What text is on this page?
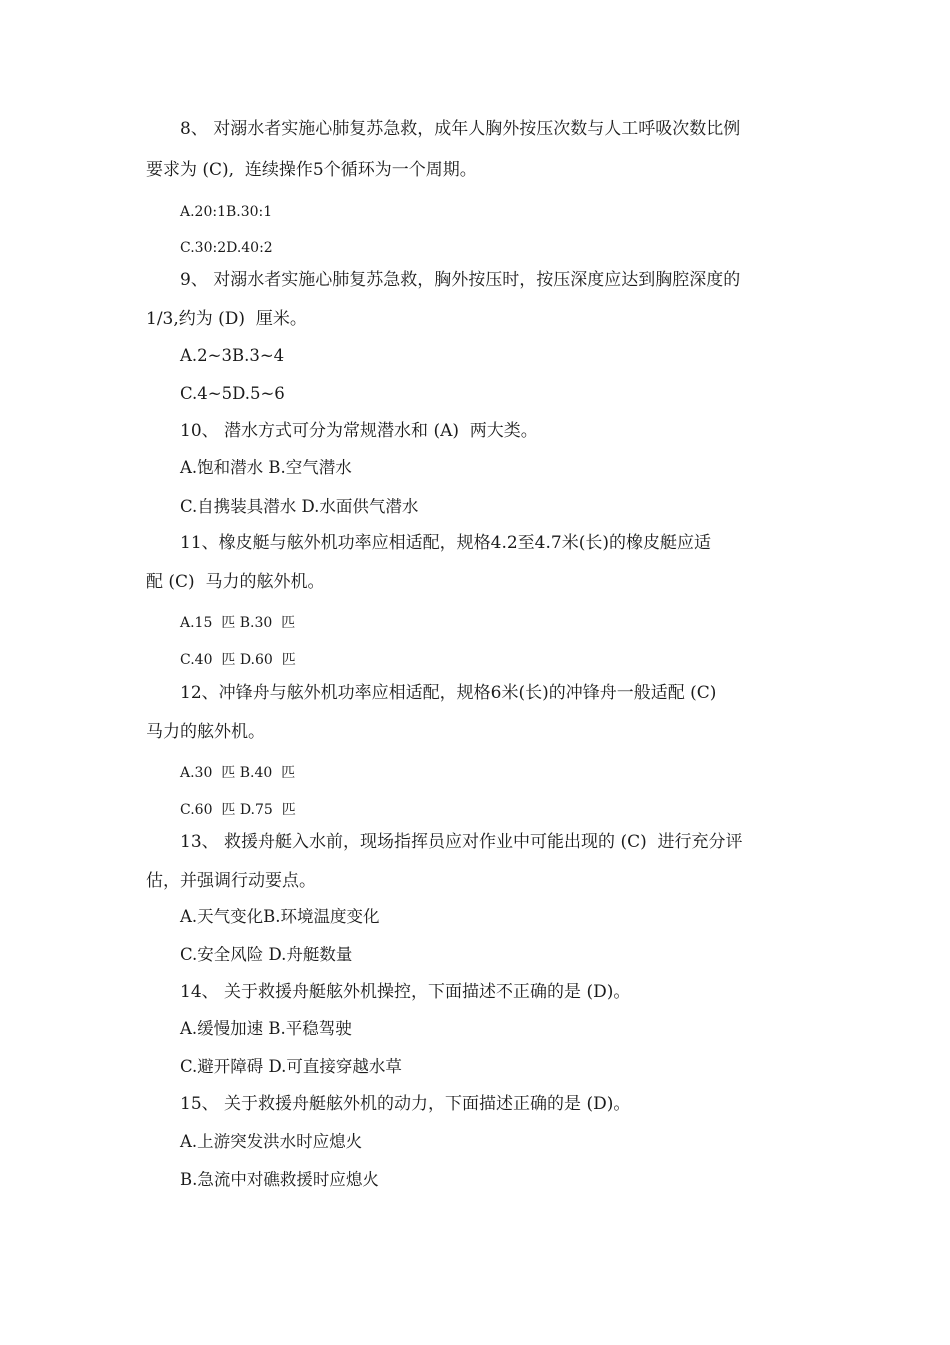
8、 对溺水者实施心肺复苏急救，成年人胸外按压次数与人工呼吸次数比例
要求为 (C),  连续操作5个循环为一个周期。
A.20:1B.30:1
C.30:2D.40:2
9、 对溺水者实施心肺复苏急救，胸外按压时，按压深度应达到胸腔深度的
1/3,约为 (D)  厘米。
A.2~3B.3~4
C.4~5D.5~6
10、 潜水方式可分为常规潜水和 (A)  两大类。
A.饱和潜水 B.空气潜水
C.自携装具潜水 D.水面供气潜水
11、橡皮艇与舷外机功率应相适配，规格4.2至4.7米(长)的橡皮艇应适
配 (C)  马力的舷外机。
A.15  匹 B.30  匹
C.40  匹 D.60  匹
12、冲锋舟与舷外机功率应相适配，规格6米(长)的冲锋舟一般适配 (C)
马力的舷外机。
A.30  匹 B.40  匹
C.60  匹 D.75  匹
13、 救援舟艇入水前，现场指挥员应对作业中可能出现的 (C)  进行充分评
估，并强调行动要点。
A.天气变化B.环境温度变化
C.安全风险 D.舟艇数量
14、 关于救援舟艇舷外机操控，下面描述不正确的是 (D)。
A.缓慢加速 B.平稳驾驶
C.避开障碍 D.可直接穿越水草
15、 关于救援舟艇舷外机的动力，下面描述正确的是 (D)。
A.上游突发洪水时应熄火
B.急流中对礁救援时应熄火
